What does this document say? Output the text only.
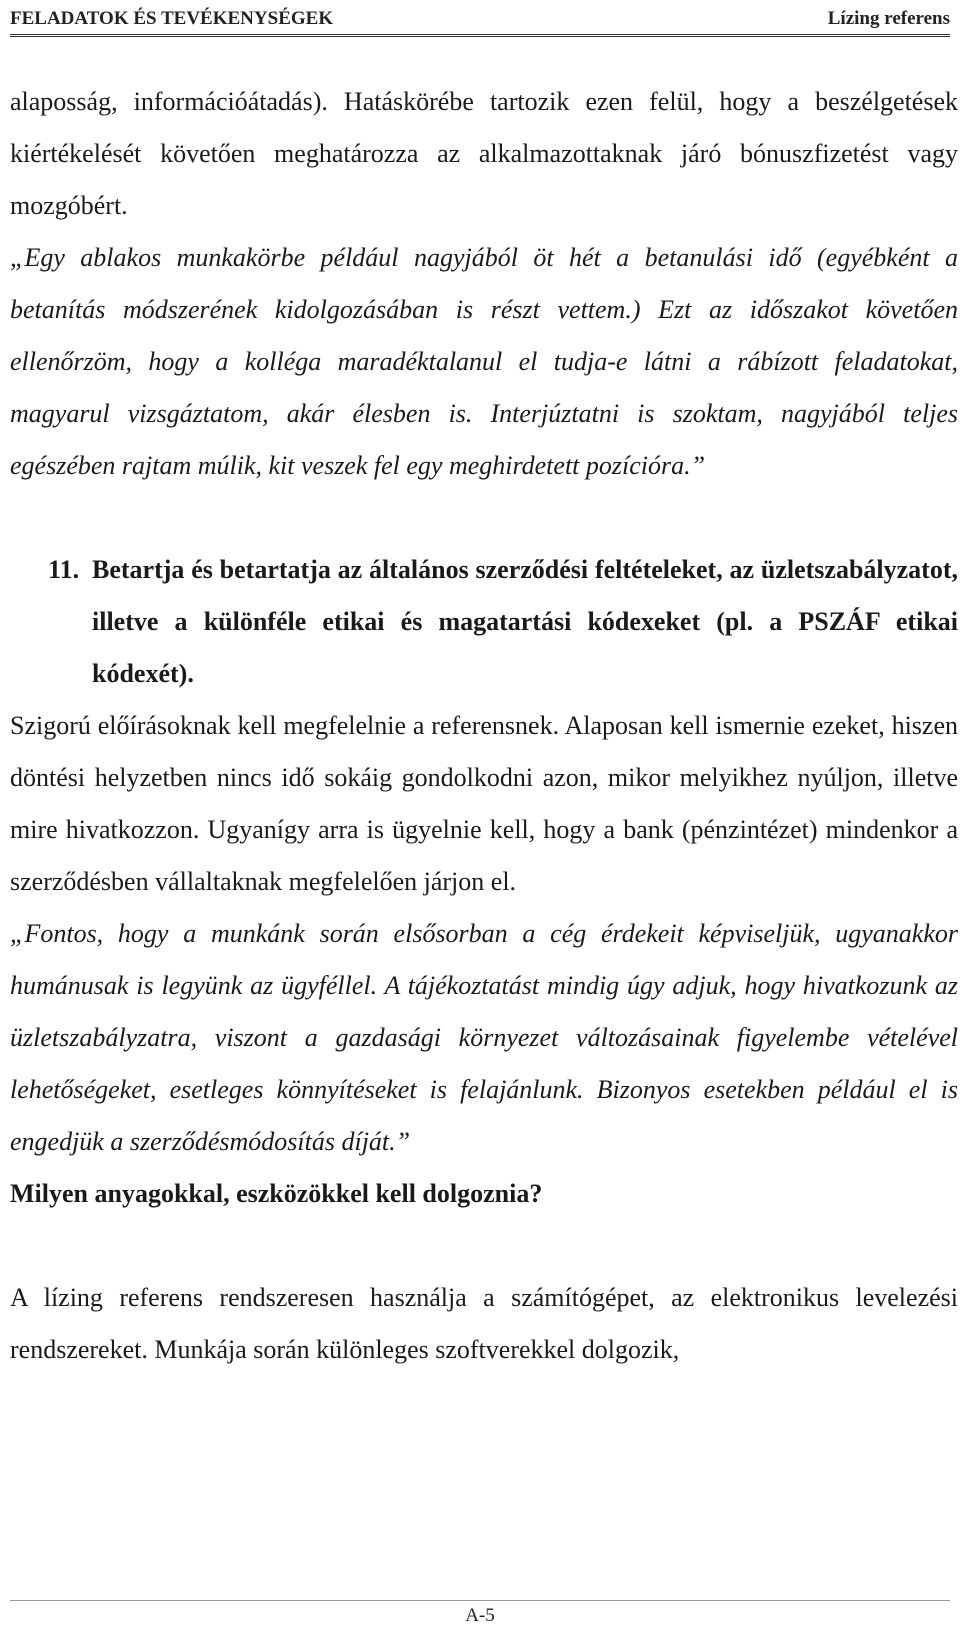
FELADATOK ÉS TEVÉKENYSÉGEK	Lízing referens

alaposság, információátadás). Hatáskörébe tartozik ezen felül, hogy a beszélgetések kiértékelését követően meghatározza az alkalmazottaknak járó bónuszfizetést vagy mozgóbért.

„Egy ablakos munkakörbe például nagyjából öt hét a betanulási idő (egyébként a betanítás módszerének kidolgozásában is részt vettem.) Ezt az időszakot követően ellenőrzöm, hogy a kolléga maradéktalanul el tudja-e látni a rábízott feladatokat, magyarul vizsgáztatom, akár élesben is. Interjúztatni is szoktam, nagyjából teljes egészében rajtam múlik, kit veszek fel egy meghirdetett pozícióra.”

11. Betartja és betartatja az általános szerződési feltételeket, az üzletszabályzatot, illetve a különféle etikai és magatartási kódexeket (pl. a PSZÁF etikai kódexét).

Szigorú előírásoknak kell megfelelnie a referensnek. Alaposan kell ismernie ezeket, hiszen döntési helyzetben nincs idő sokáig gondolkodni azon, mikor melyikhez nyúljon, illetve mire hivatkozzon. Ugyanígy arra is ügyelnie kell, hogy a bank (pénzintézet) mindenkor a szerződésben vállaltaknak megfelelően járjon el.

„Fontos, hogy a munkánk során elsősorban a cég érdekeit képviseljük, ugyanakkor humánusak is legyünk az ügyféllel. A tájékoztatást mindig úgy adjuk, hogy hivatkozunk az üzletszabályzatra, viszont a gazdasági környezet változásainak figyelembe vételével lehetőségeket, esetleges könnyítéseket is felajánlunk. Bizonyos esetekben például el is engedjük a szerződésmódosítás díját.”

Milyen anyagokkal, eszközökkel kell dolgoznia?

A lízing referens rendszeresen használja a számítógépet, az elektronikus levelezési rendszereket. Munkája során különleges szoftverekkel dolgozik,

A-5
